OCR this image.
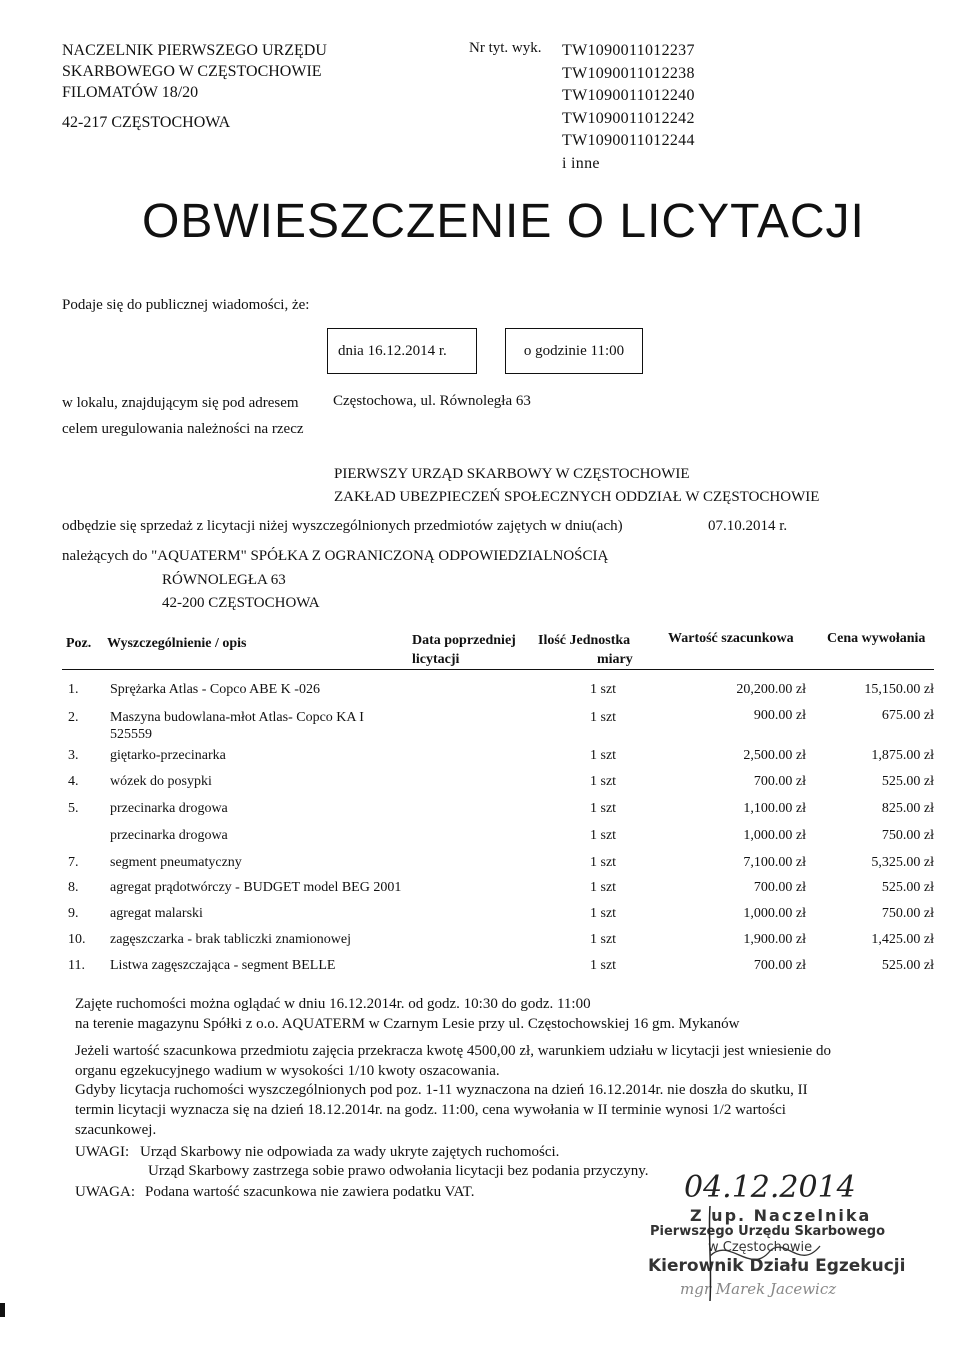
NACZELNIK PIERWSZEGO URZĘDU
SKARBOWEGO W CZĘSTOCHOWIE
FILOMATÓW 18/20
42-217 CZĘSTOCHOWA
Nr tyt. wyk. TW1090011012237
TW1090011012238
TW1090011012240
TW1090011012242
TW1090011012244
i inne
OBWIESZCZENIE O LICYTACJI
Podaje się do publicznej wiadomości, że:
dnia 16.12.2014 r.	o godzinie 11:00
w lokalu, znajdującym się pod adresem Częstochowa, ul. Równoległa 63
celem uregulowania należności na rzecz
PIERWSZY URZĄD SKARBOWY W CZĘSTOCHOWIE
ZAKŁAD UBEZPIECZEŃ SPOŁECZNYCH ODDZIAŁ W CZĘSTOCHOWIE
odbędzie się sprzedaż z licytacji niżej wyszczególnionych przedmiotów zajętych w dniu(ach)	07.10.2014 r.
należących do "AQUATERM" SPÓŁKA Z OGRANICZONĄ ODPOWIEDZIALNOŚCIĄ
RÓWNOLEGŁA 63
42-200 CZĘSTOCHOWA
Poz. Wyszczególnienie / opis	Data poprzedniej
licytacji
Ilość Jednostka
miary
Wartość szacunkowa Cena wywołania
1. Sprężarka Atlas - Copco ABE K -026	1 szt	20,200.00 zł	15,150.00 zł
2. Maszyna budowlana-młot Atlas- Copco KA I
525559
1 szt	900.00 zł	675.00 zł
3. giętarko-przecinarka	1 szt	2,500.00 zł	1,875.00 zł
4. wózek do posypki	1 szt	700.00 zł	525.00 zł
5. przecinarka drogowa	1 szt	1,100.00 zł	825.00 zł
przecinarka drogowa	1 szt	1,000.00 zł	750.00 zł
7. segment pneumatyczny	1 szt	7,100.00 zł	5,325.00 zł
8. agregat prądotwórczy - BUDGET model BEG 2001	1 szt	700.00 zł	525.00 zł
9. agregat malarski	1 szt	1,000.00 zł	750.00 zł
10. zagęszczarka - brak tabliczki znamionowej	1 szt	1,900.00 zł	1,425.00 zł
11. Listwa zagęszczająca - segment BELLE	1 szt	700.00 zł	525.00 zł
Zajęte ruchomości można oglądać w dniu 16.12.2014r. od godz. 10:30 do godz. 11:00
na terenie magazynu Spółki z o.o. AQUATERM w Czarnym Lesie przy ul. Częstochowskiej 16 gm. Mykanów
Jeżeli wartość szacunkowa przedmiotu zajęcia przekracza kwotę 4500,00 zł, warunkiem udziału w licytacji jest wniesienie do
organu egzekucyjnego wadium w wysokości 1/10 kwoty oszacowania.
Gdyby licytacja ruchomości wyszczególnionych pod poz. 1-11 wyznaczona na dzień 16.12.2014r. nie doszła do skutku, II
termin licytacji wyznacza się na dzień 18.12.2014r. na godz. 11:00, cena wywołania w II terminie wynosi 1/2 wartości
szacunkowej.
UWAGI: Urząd Skarbowy nie odpowiada za wady ukryte zajętych ruchomości.
Urząd Skarbowy zastrzega sobie prawo odwołania licytacji bez podania przyczyny.
UWAGA: Podana wartość szacunkowa nie zawiera podatku VAT.	04.12.2014
Z up. Naczelnika
Pierwszego Urzędu Skarbowego
w Częstochowie
Kierownik Działu Egzekucji
mgr Marek Jacewicz
